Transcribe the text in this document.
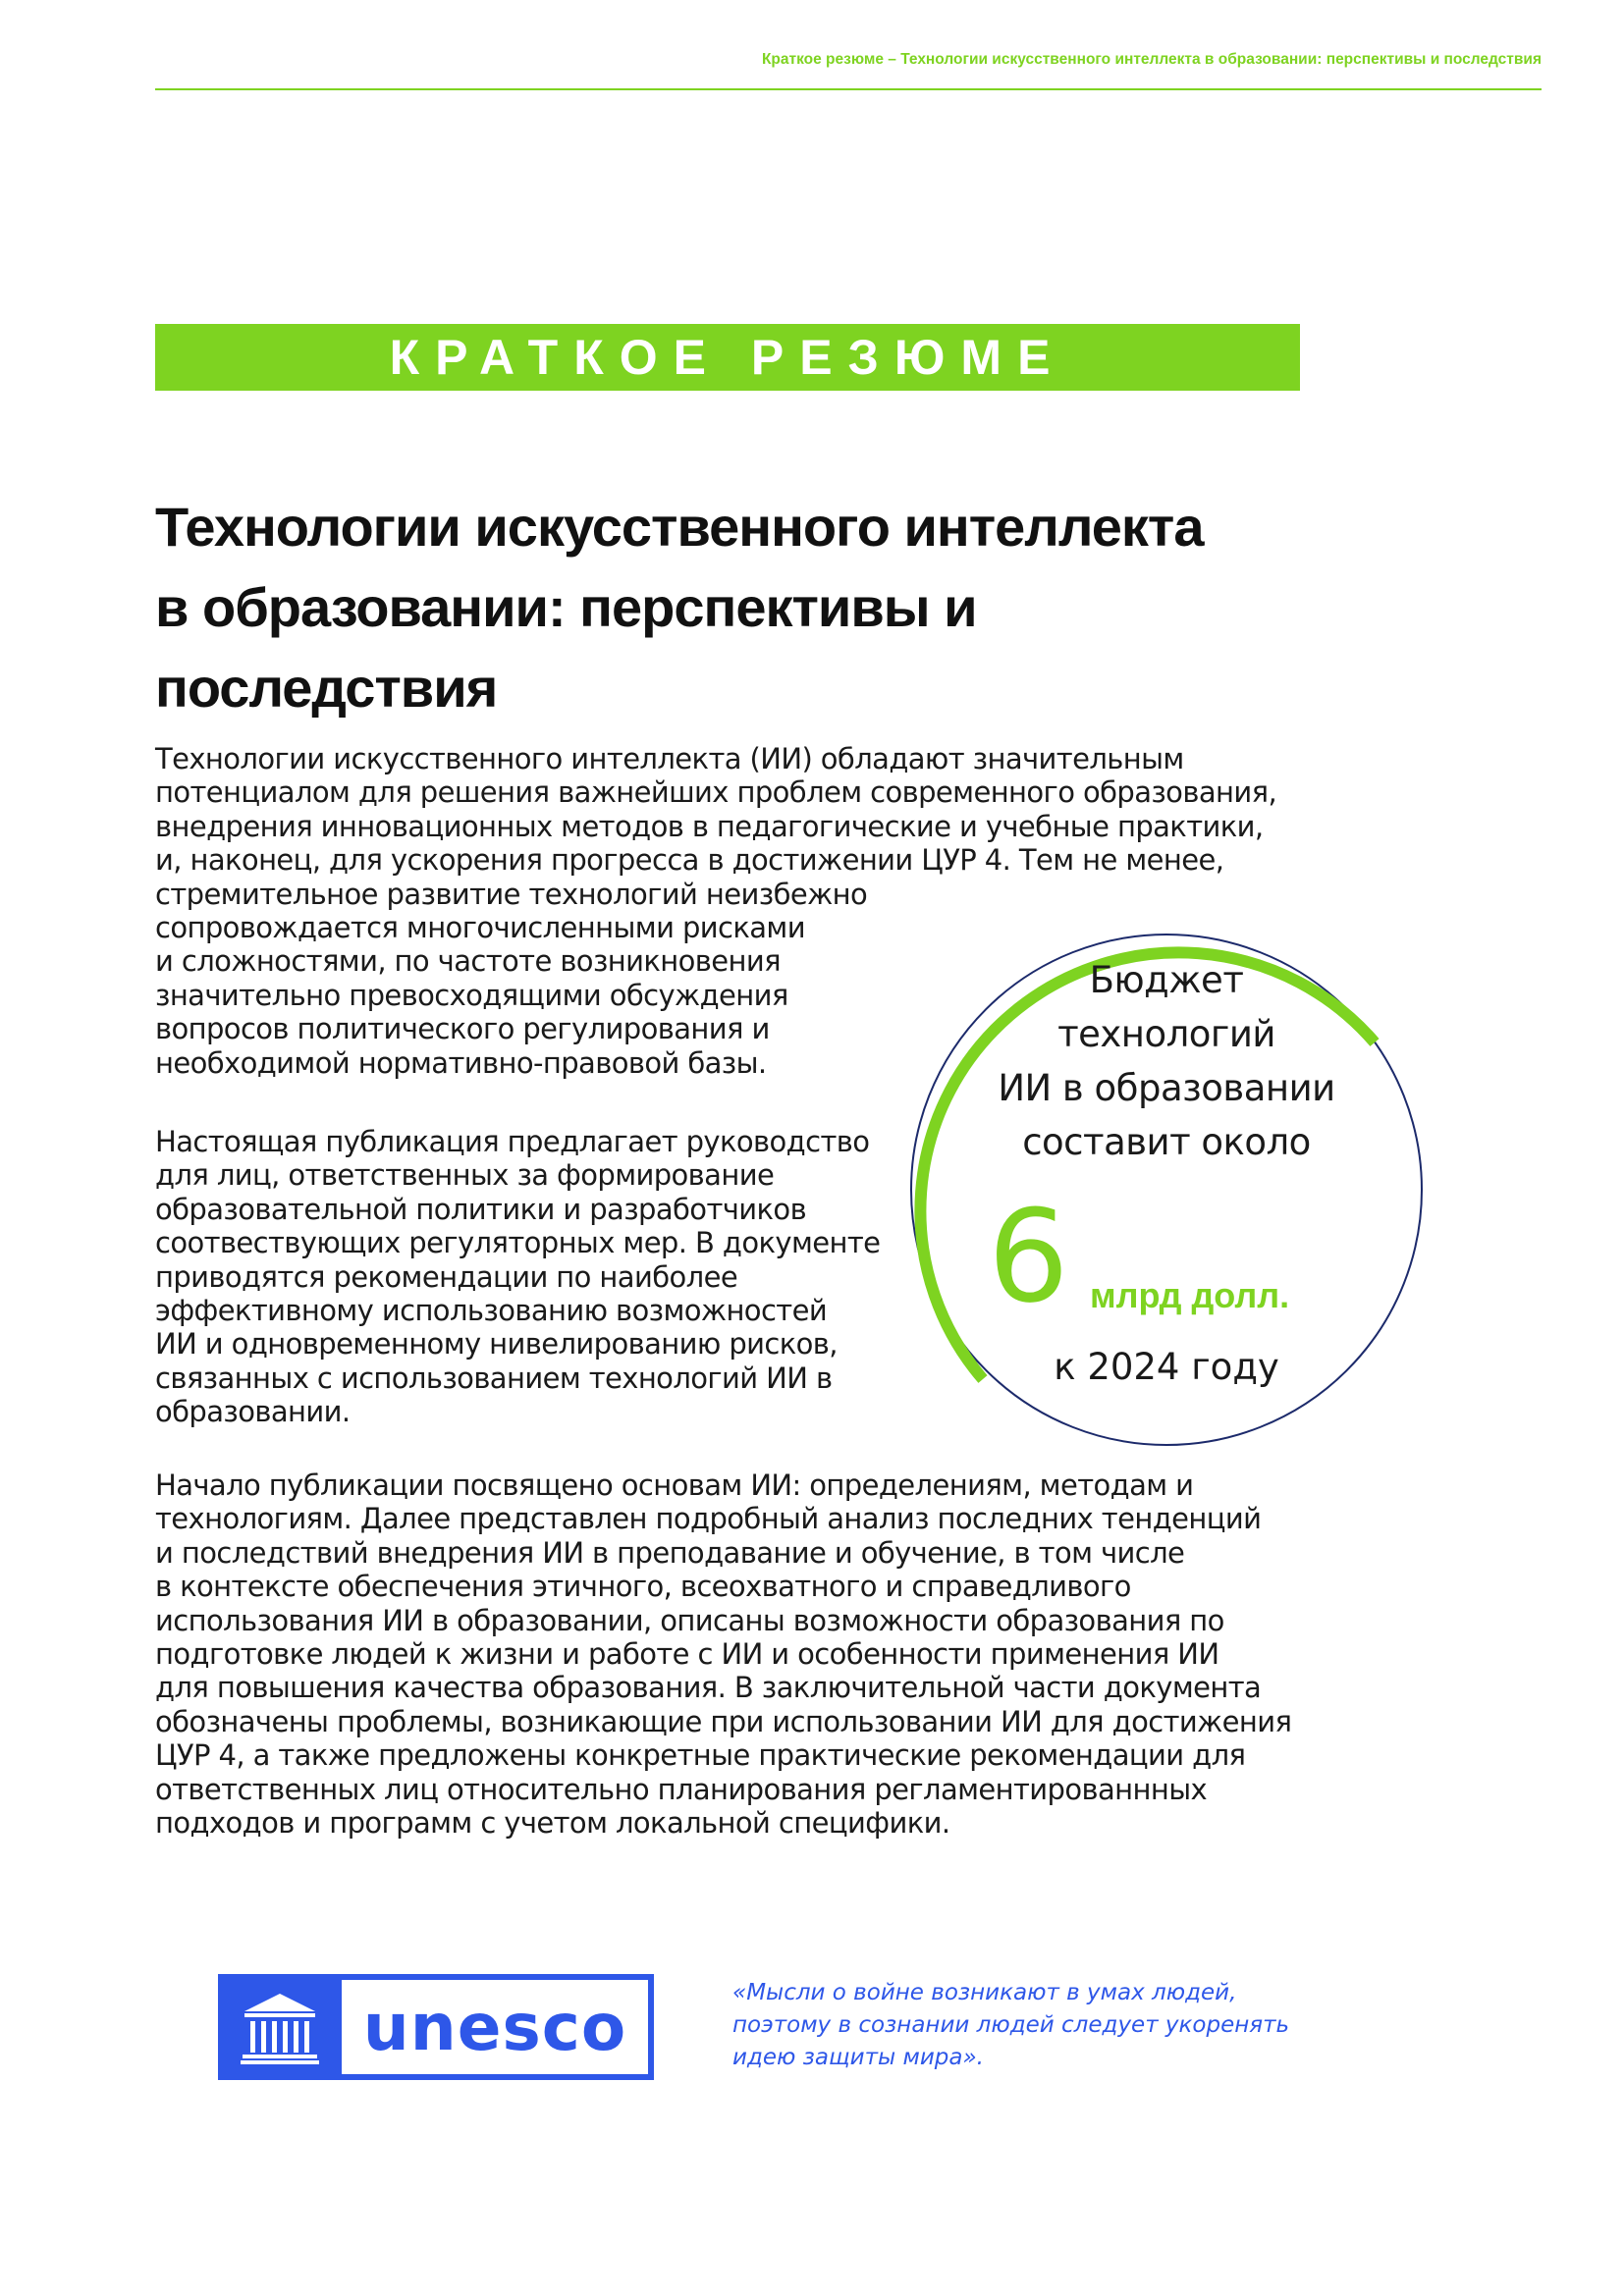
Краткое резюме – Технологии искусственного интеллекта в образовании: перспективы и последствия
КРАТКОЕ РЕЗЮМЕ
Технологии искусственного интеллекта
в образовании: перспективы и
последствия

Технологии искусственного интеллекта (ИИ) обладают значительным
потенциалом для решения важнейших проблем современного образования,
внедрения инновационных методов в педагогические и учебные практики,
и, наконец, для ускорения прогресса в достижении ЦУР 4. Тем не менее,
стремительное развитие технологий неизбежно
сопровождается многочисленными рисками
и сложностями, по частоте возникновения
значительно превосходящими обсуждения
вопросов политического регулирования и
необходимой нормативно-правовой базы.

Настоящая публикация предлагает руководство
для лиц, ответственных за формирование
образовательной политики и разработчиков
соотвествующих регуляторных мер. В документе
приводятся рекомендации по наиболее
эффективному использованию возможностей
ИИ и одновременному нивелированию рисков,
связанных с использованием технологий ИИ в
образовании.

Начало публикации посвящено основам ИИ: определениям, методам и
технологиям. Далее представлен подробный анализ последних тенденций
и последствий внедрения ИИ в преподавание и обучение, в том числе
в контексте обеспечения этичного, всеохватного и справедливого
использования ИИ в образовании, описаны возможности образования по
подготовке людей к жизни и работе с ИИ и особенности применения ИИ
для повышения качества образования. В заключительной части документа
обозначены проблемы, возникающие при использовании ИИ для достижения
ЦУР 4, а также предложены конкретные практические рекомендации для
ответственных лиц относительно планирования регламентированнных
подходов и программ с учетом локальной специфики.

Бюджет
технологий
ИИ в образовании
составит около
6 млрд долл.
к 2024 году
unesco	«Мысли о войне возникают в умах людей,
поэтому в сознании людей следует укоренять
идею защиты мира».
